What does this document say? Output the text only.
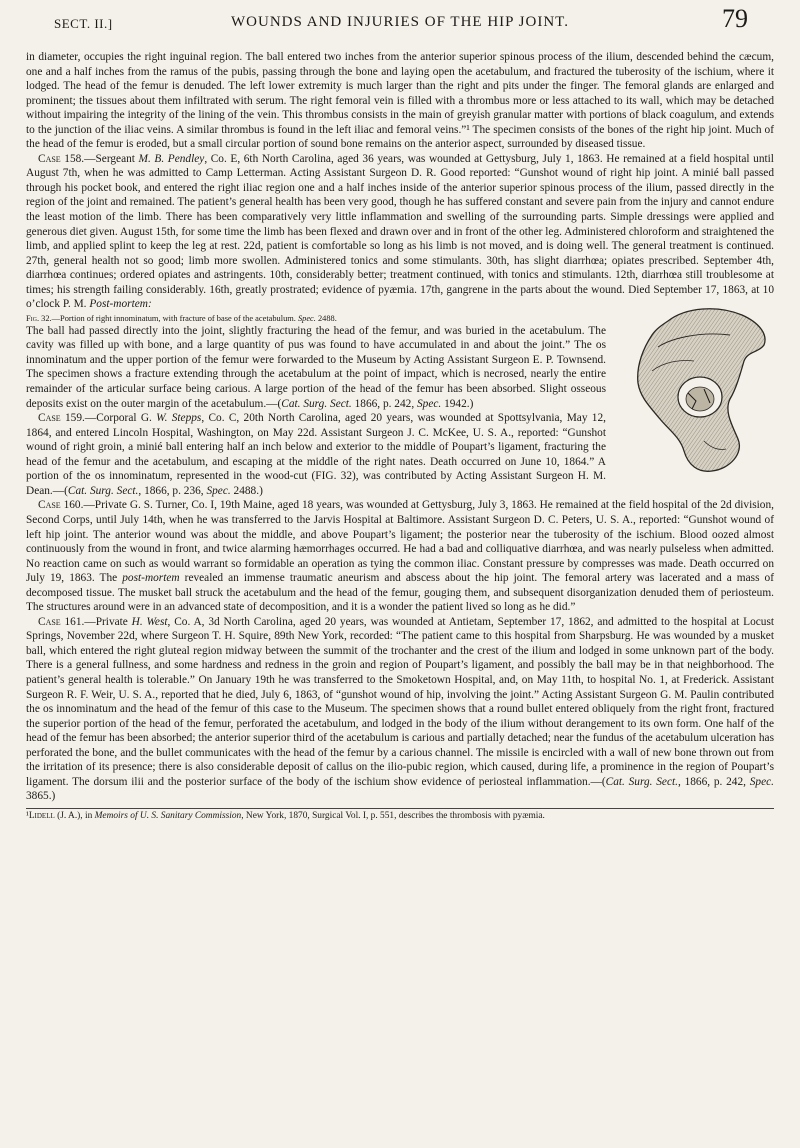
SECT. II.]	WOUNDS AND INJURIES OF THE HIP JOINT.	79

in diameter, occupies the right inguinal region. The ball entered two inches from the anterior superior spinous process of the ilium, descended behind the cæcum, one and a half inches from the ramus of the pubis, passing through the bone and laying open the acetabulum, and fractured the tuberosity of the ischium, where it lodged. The head of the femur is denuded. The left lower extremity is much larger than the right and pits under the finger. The femoral glands are enlarged and prominent; the tissues about them infiltrated with serum. The right femoral vein is filled with a thrombus more or less attached to its wall, which may be detached without impairing the integrity of the lining of the vein. This thrombus consists in the main of greyish granular matter with portions of black coagulum, and extends to the junction of the iliac veins. A similar thrombus is found in the left iliac and femoral veins.”¹ The specimen consists of the bones of the right hip joint. Much of the head of the femur is eroded, but a small circular portion of sound bone remains on the anterior aspect, surrounded by diseased tissue.

Case 158.—Sergeant M. B. Pendley, Co. E, 6th North Carolina, aged 36 years, was wounded at Gettysburg, July 1, 1863. He remained at a field hospital until August 7th, when he was admitted to Camp Letterman. Acting Assistant Surgeon D. R. Good reported: “Gunshot wound of right hip joint. A minié ball passed through his pocket book, and entered the right iliac region one and a half inches inside of the anterior superior spinous process of the ilium, passed directly in the region of the joint and remained. The patient’s general health has been very good, though he has suffered constant and severe pain from the injury and cannot endure the least motion of the limb. There has been comparatively very little inflammation and swelling of the surrounding parts. Simple dressings were applied and generous diet given. August 15th, for some time the limb has been flexed and drawn over and in front of the other leg. Administered chloroform and straightened the limb, and applied splint to keep the leg at rest. 22d, patient is comfortable so long as his limb is not moved, and is doing well. The general treatment is continued. 27th, general health not so good; limb more swollen. Administered tonics and some stimulants. 30th, has slight diarrhœa; opiates prescribed. September 4th, diarrhœa continues; ordered opiates and astringents. 10th, considerably better; treatment continued, with tonics and stimulants. 12th, diarrhœa still troublesome at times; his strength failing considerably. 16th, greatly prostrated; evidence of pyæmia. 17th, gangrene in the parts about the wound. Died September 17, 1863, at 10 o’clock P. M. Post-mortem:

Fig. 32.—Portion of right innominatum, with fracture of base of the acetabulum. Spec. 2488.
The ball had passed directly into the joint, slightly fracturing the head of the femur, and was buried in the acetabulum. The cavity was filled up with bone, and a large quantity of pus was found to have accumulated in and about the joint.” The os innominatum and the upper portion of the femur were forwarded to the Museum by Acting Assistant Surgeon E. P. Townsend. The specimen shows a fracture extending through the acetabulum at the point of impact, which is necrosed, nearly the entire remainder of the articular surface being carious. A large portion of the head of the femur has been absorbed. Slight osseous deposits exist on the outer margin of the acetabulum.—(Cat. Surg. Sect. 1866, p. 242, Spec. 1942.)

Case 159.—Corporal G. W. Stepps, Co. C, 20th North Carolina, aged 20 years, was wounded at Spottsylvania, May 12, 1864, and entered Lincoln Hospital, Washington, on May 22d. Assistant Surgeon J. C. McKee, U. S. A., reported: “Gunshot wound of right groin, a minié ball entering half an inch below and exterior to the middle of Poupart’s ligament, fracturing the head of the femur and the acetabulum, and escaping at the middle of the right nates. Death occurred on June 10, 1864.” A portion of the os innominatum, represented in the wood-cut (FIG. 32), was contributed by Acting Assistant Surgeon H. M. Dean.—(Cat. Surg. Sect., 1866, p. 236, Spec. 2488.)

Case 160.—Private G. S. Turner, Co. I, 19th Maine, aged 18 years, was wounded at Gettysburg, July 3, 1863. He remained at the field hospital of the 2d division, Second Corps, until July 14th, when he was transferred to the Jarvis Hospital at Baltimore. Assistant Surgeon D. C. Peters, U. S. A., reported: “Gunshot wound of left hip joint. The anterior wound was about the middle, and above Poupart’s ligament; the posterior near the tuberosity of the ischium. Blood oozed almost continuously from the wound in front, and twice alarming hæmorrhages occurred. He had a bad and colliquative diarrhœa, and was nearly pulseless when admitted. No reaction came on such as would warrant so formidable an operation as tying the common iliac. Constant pressure by compresses was made. Death occurred on July 19, 1863. The post-mortem revealed an immense traumatic aneurism and abscess about the hip joint. The femoral artery was lacerated and a mass of decomposed tissue. The musket ball struck the acetabulum and the head of the femur, gouging them, and subsequent disorganization denuded them of periosteum. The structures around were in an advanced state of decomposition, and it is a wonder the patient lived so long as he did.”

Case 161.—Private H. West, Co. A, 3d North Carolina, aged 20 years, was wounded at Antietam, September 17, 1862, and admitted to the hospital at Locust Springs, November 22d, where Surgeon T. H. Squire, 89th New York, recorded: “The patient came to this hospital from Sharpsburg. He was wounded by a musket ball, which entered the right gluteal region midway between the summit of the trochanter and the crest of the ilium and lodged in some unknown part of the body. There is a general fullness, and some hardness and redness in the groin and region of Poupart’s ligament, and possibly the ball may be in that neighborhood. The patient’s general health is tolerable.” On January 19th he was transferred to the Smoketown Hospital, and, on May 11th, to hospital No. 1, at Frederick. Assistant Surgeon R. F. Weir, U. S. A., reported that he died, July 6, 1863, of “gunshot wound of hip, involving the joint.” Acting Assistant Surgeon G. M. Paulin contributed the os innominatum and the head of the femur of this case to the Museum. The specimen shows that a round bullet entered obliquely from the right front, fractured the superior portion of the head of the femur, perforated the acetabulum, and lodged in the body of the ilium without derangement to its own form. One half of the head of the femur has been absorbed; the anterior superior third of the acetabulum is carious and partially detached; near the fundus of the acetabulum ulceration has perforated the bone, and the bullet communicates with the head of the femur by a carious channel. The missile is encircled with a wall of new bone thrown out from the irritation of its presence; there is also considerable deposit of callus on the ilio-pubic region, which caused, during life, a prominence in the region of Poupart’s ligament. The dorsum ilii and the posterior surface of the body of the ischium show evidence of periosteal inflammation.—(Cat. Surg. Sect., 1866, p. 242, Spec. 3865.)

¹Lidell (J. A.), in Memoirs of U. S. Sanitary Commission, New York, 1870, Surgical Vol. I, p. 551, describes the thrombosis with pyæmia.
